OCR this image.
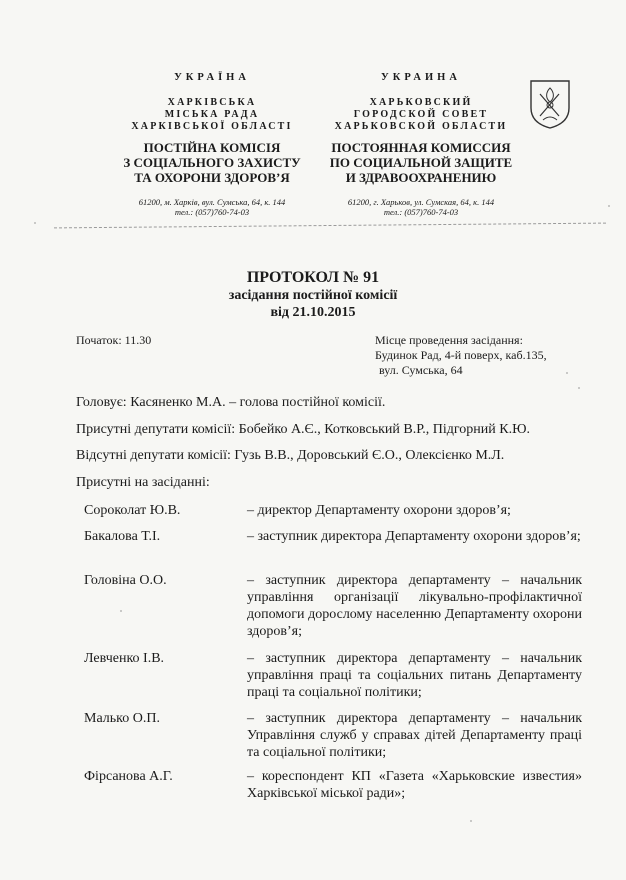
УКРАЇНА
ХАРКІВСЬКА
МІСЬКА РАДА
ХАРКІВСЬКОЇ ОБЛАСТІ
ПОСТІЙНА КОМІСІЯ
З СОЦІАЛЬНОГО ЗАХИСТУ
ТА ОХОРОНИ ЗДОРОВ’Я
61200, м. Харків, вул. Сумська, 64, к. 144
тел.: (057)760-74-03
УКРАИНА
ХАРЬКОВСКИЙ
ГОРОДСКОЙ СОВЕТ
ХАРЬКОВСКОЙ ОБЛАСТИ
ПОСТОЯННАЯ КОМИССИЯ
ПО СОЦИАЛЬНОЙ ЗАЩИТЕ
И ЗДРАВООХРАНЕНИЮ
61200, г. Харьков, ул. Сумская, 64, к. 144
тел.: (057)760-74-03
ПРОТОКОЛ № 91
засідання постійної комісії
від 21.10.2015
Початок: 11.30	Місце проведення засідання:
Будинок Рад, 4-й поверх, каб.135,
вул. Сумська, 64
Головує: Касяненко М.А. – голова постійної комісії.
Присутні депутати комісії: Бобейко А.Є., Котковський В.Р., Підгорний К.Ю.
Відсутні депутати комісії: Гузь В.В., Доровський Є.О., Олексієнко М.Л.
Присутні на засіданні:
Сороколат Ю.В.	– директор Департаменту охорони здоров’я;
Бакалова Т.І.	– заступник директора Департаменту охорони здоров’я;
Головіна О.О.	– заступник директора департаменту – начальник управління організації лікувально-профілактичної допомоги дорослому населенню Департаменту охорони здоров’я;
Левченко І.В.	– заступник директора департаменту – начальник управління праці та соціальних питань Департаменту праці та соціальної політики;
Малько О.П.	– заступник директора департаменту – начальник Управління служб у справах дітей Департаменту праці та соціальної політики;
Фірсанова А.Г.	– кореспондент КП «Газета «Харьковские известия» Харківської міської ради»;
